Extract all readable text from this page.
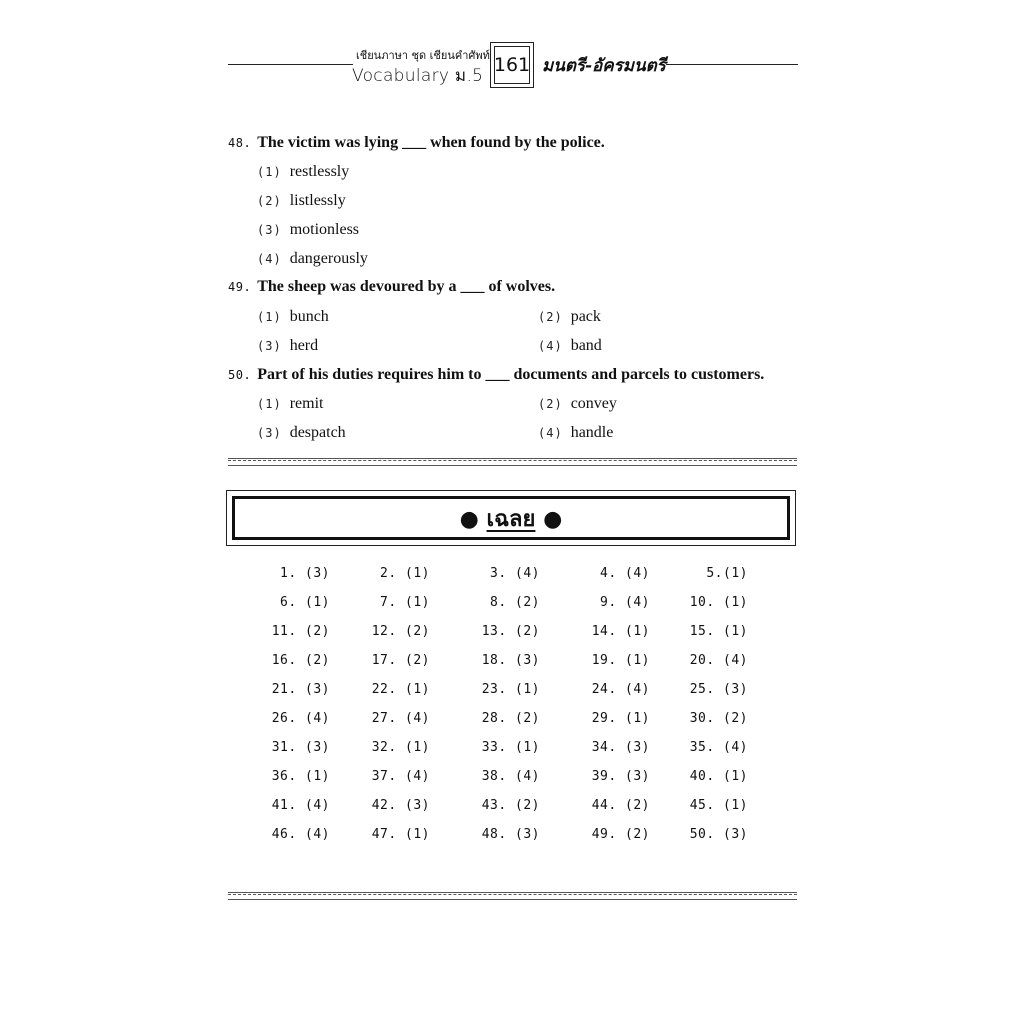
เชียนภาษา ชุด เชียนคำศัพท์
Vocabulary ม.5 161 มนตรี-อัครมนตรี
48. The victim was lying ___ when found by the police.
(1) restlessly
(2) listlessly
(3) motionless
(4) dangerously
49. The sheep was devoured by a ___ of wolves.
(1) bunch	(2) pack
(3) herd	(4) band
50. Part of his duties requires him to ___ documents and parcels to customers.
(1) remit	(2) convey
(3) despatch	(4) handle
● เฉลย ●
1. (3)	2. (1)	3. (4)	4. (4)	5.(1)
6. (1)	7. (1)	8. (2)	9. (4)	10. (1)
11. (2)	12. (2)	13. (2)	14. (1)	15. (1)
16. (2)	17. (2)	18. (3)	19. (1)	20. (4)
21. (3)	22. (1)	23. (1)	24. (4)	25. (3)
26. (4)	27. (4)	28. (2)	29. (1)	30. (2)
31. (3)	32. (1)	33. (1)	34. (3)	35. (4)
36. (1)	37. (4)	38. (4)	39. (3)	40. (1)
41. (4)	42. (3)	43. (2)	44. (2)	45. (1)
46. (4)	47. (1)	48. (3)	49. (2)	50. (3)
